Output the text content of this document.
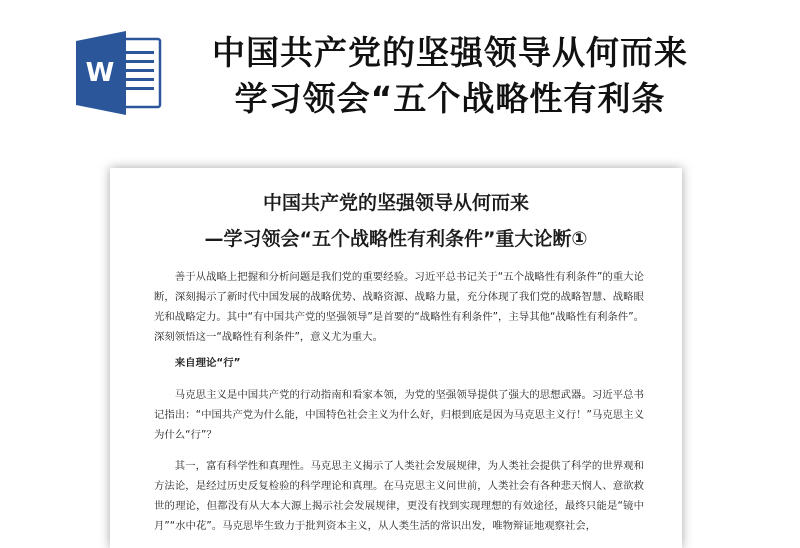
W
中国共产党的坚强领导从何而来
学习领会“五个战略性有利条
中国共产党的坚强领导从何而来
—学习领会“五个战略性有利条件”重大论断①

善于从战略上把握和分析问题是我们党的重要经验。习近平总书记关于“五个战略性有利条件”的重大论断，深刻揭示了新时代中国发展的战略优势、战略资源、战略力量，充分体现了我们党的战略智慧、战略眼光和战略定力。其中“有中国共产党的坚强领导”是首要的“战略性有利条件”，主导其他“战略性有利条件”。深刻领悟这一“战略性有利条件”，意义尤为重大。

来自理论“行”

马克思主义是中国共产党的行动指南和看家本领，为党的坚强领导提供了强大的思想武器。习近平总书记指出：“中国共产党为什么能，中国特色社会主义为什么好，归根到底是因为马克思主义行！”马克思主义为什么“行”？

其一，富有科学性和真理性。马克思主义揭示了人类社会发展规律，为人类社会提供了科学的世界观和方法论，是经过历史反复检验的科学理论和真理。在马克思主义问世前，人类社会有各种悲天悯人、意欲救世的理论，但都没有从大本大源上揭示社会发展规律，更没有找到实现理想的有效途径，最终只能是“镜中月”“水中花”。马克思毕生致力于批判资本主义，从人类生活的常识出发，唯物辩证地观察社会，
